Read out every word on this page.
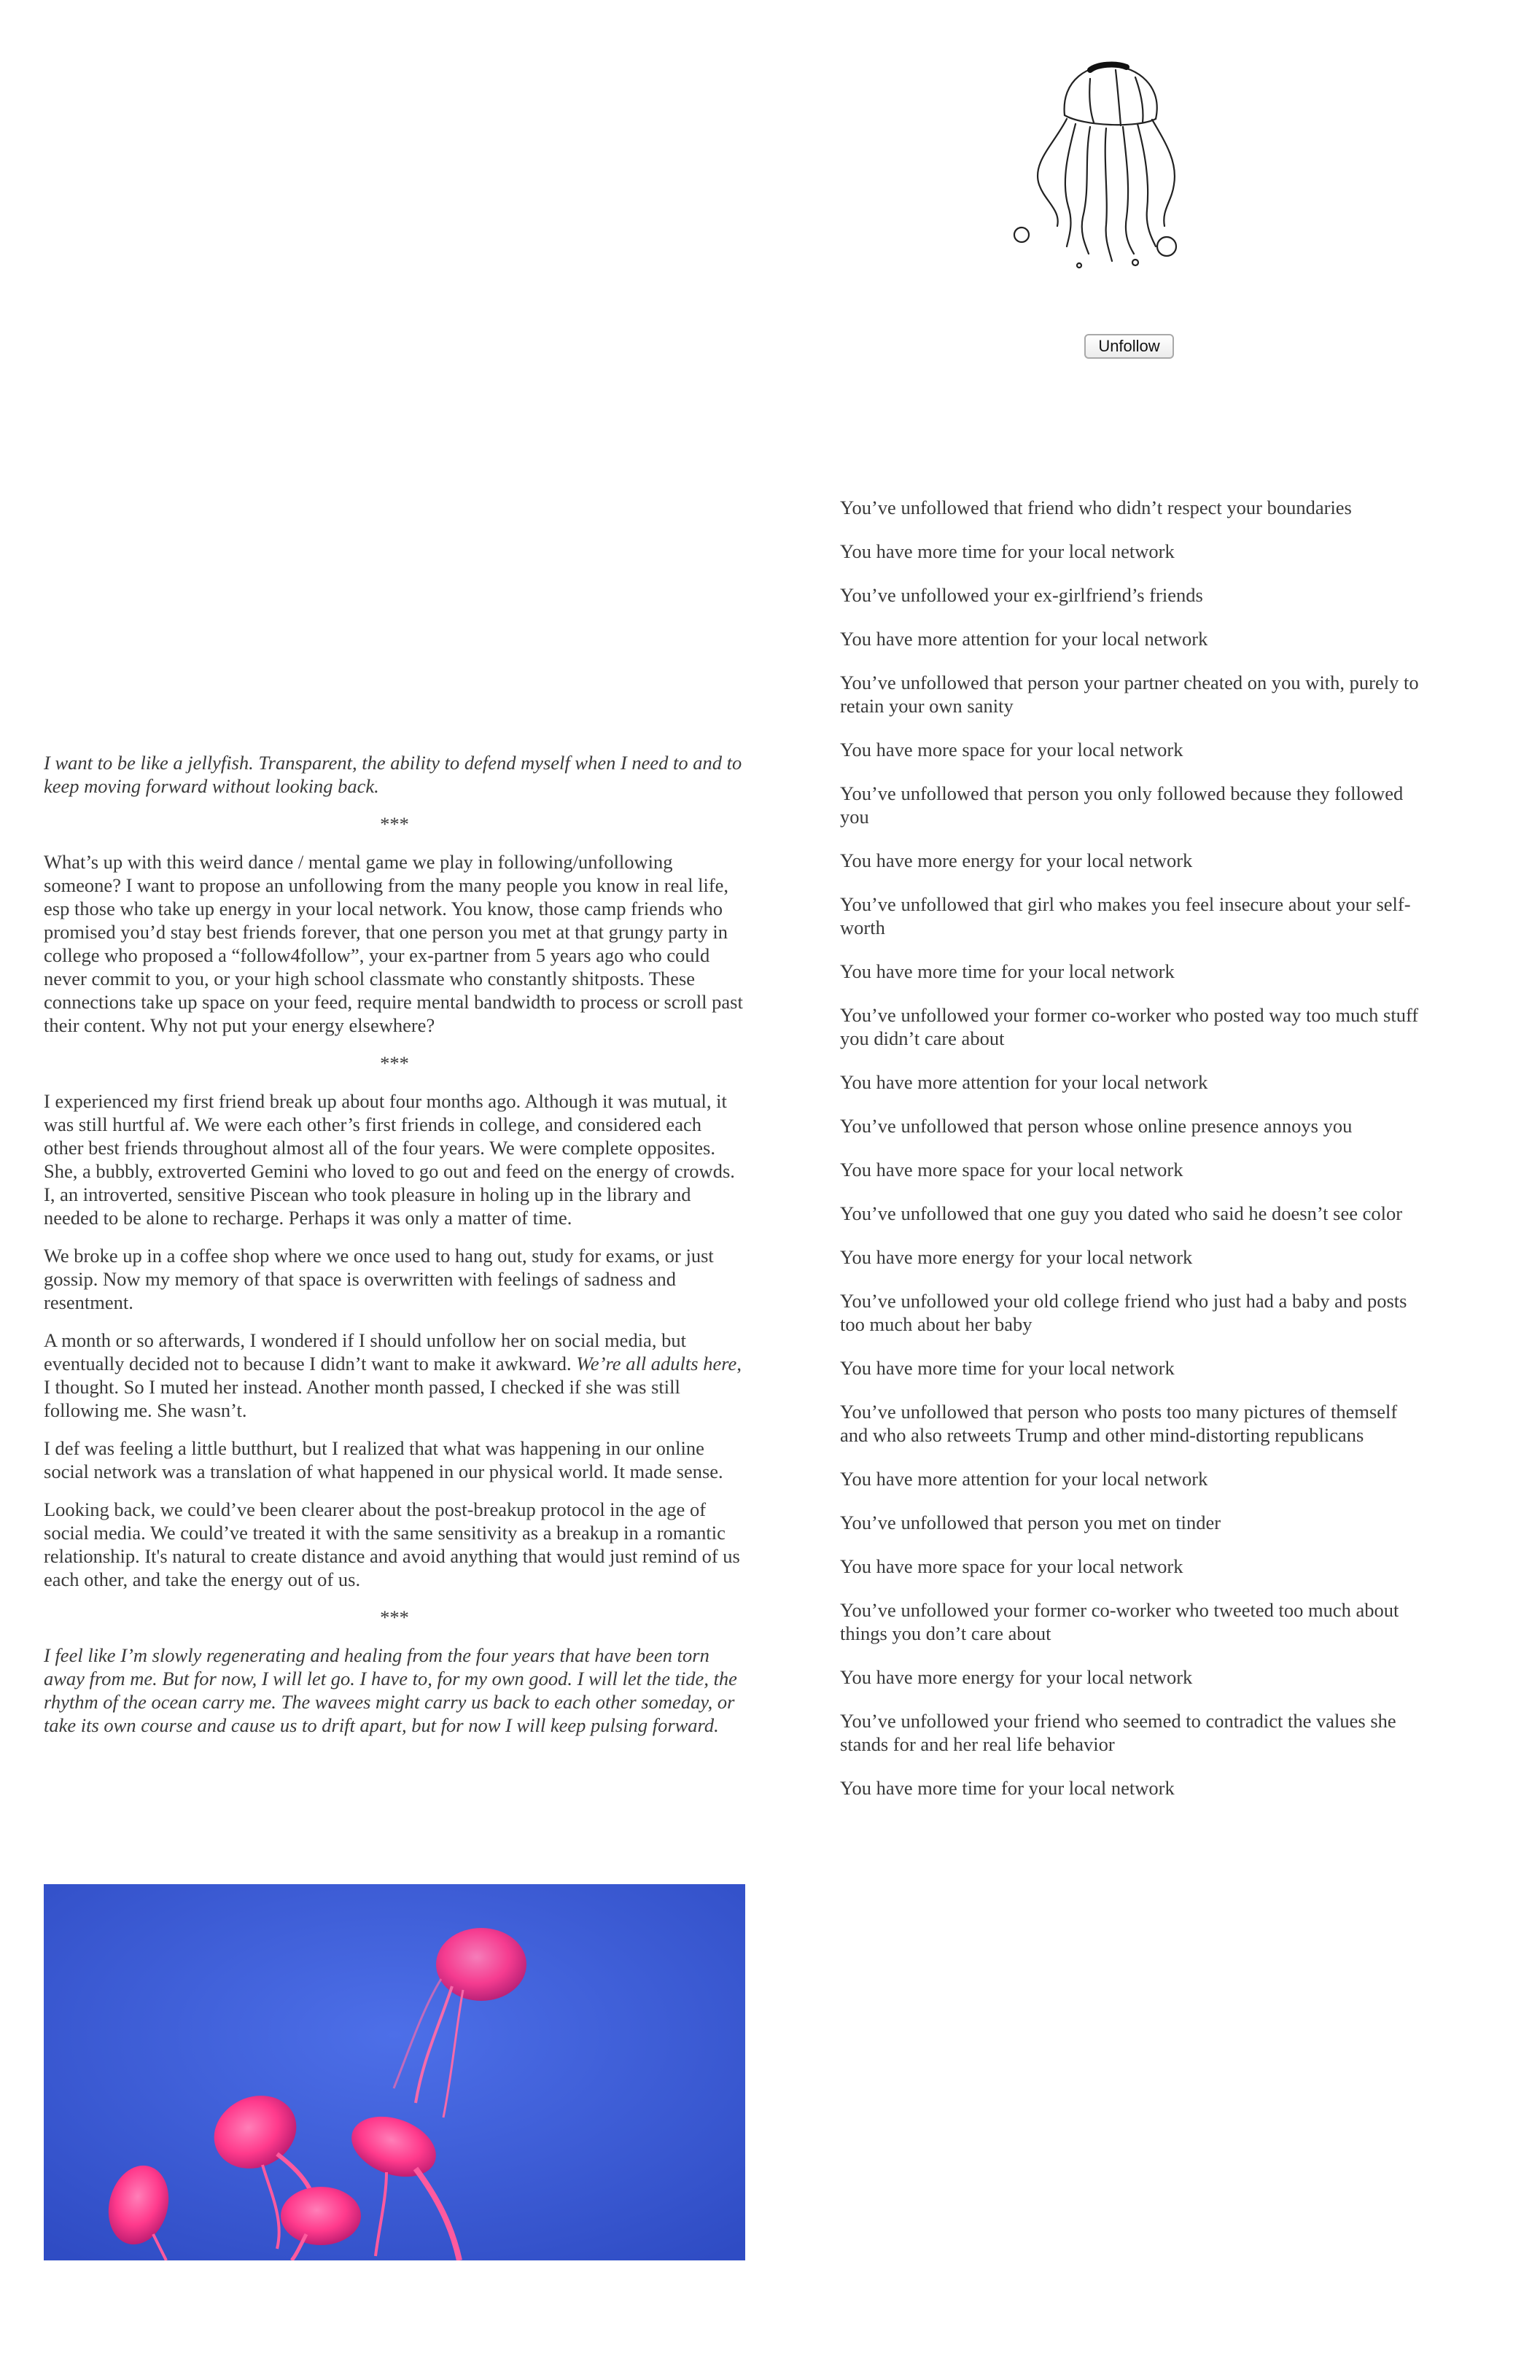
Unfollow

I want to be like a jellyfish. Transparent, the ability to defend myself when I need to and to keep moving forward without looking back.

***

What’s up with this weird dance / mental game we play in following/unfollowing someone? I want to propose an unfollowing from the many people you know in real life, esp those who take up energy in your local network. You know, those camp friends who promised you’d stay best friends forever, that one person you met at that grungy party in college who proposed a “follow4follow”, your ex-partner from 5 years ago who could never commit to you, or your high school classmate who constantly shitposts. These connections take up space on your feed, require mental bandwidth to process or scroll past their content. Why not put your energy elsewhere?

***

I experienced my first friend break up about four months ago. Although it was mutual, it was still hurtful af. We were each other’s first friends in college, and considered each other best friends throughout almost all of the four years. We were complete opposites. She, a bubbly, extroverted Gemini who loved to go out and feed on the energy of crowds. I, an introverted, sensitive Piscean who took pleasure in holing up in the library and needed to be alone to recharge. Perhaps it was only a matter of time.

We broke up in a coffee shop where we once used to hang out, study for exams, or just gossip. Now my memory of that space is overwritten with feelings of sadness and resentment.

A month or so afterwards, I wondered if I should unfollow her on social media, but eventually decided not to because I didn’t want to make it awkward. We’re all adults here, I thought. So I muted her instead. Another month passed, I checked if she was still following me. She wasn’t.

I def was feeling a little butthurt, but I realized that what was happening in our online social network was a translation of what happened in our physical world. It made sense.

Looking back, we could’ve been clearer about the post-breakup protocol in the age of social media. We could’ve treated it with the same sensitivity as a breakup in a romantic relationship. It's natural to create distance and avoid anything that would just remind of us each other, and take the energy out of us.

***

I feel like I’m slowly regenerating and healing from the four years that have been torn away from me. But for now, I will let go. I have to, for my own good. I will let the tide, the rhythm of the ocean carry me. The wavees might carry us back to each other someday, or take its own course and cause us to drift apart, but for now I will keep pulsing forward.

You’ve unfollowed that friend who didn’t respect your boundaries
You have more time for your local network
You’ve unfollowed your ex-girlfriend’s friends
You have more attention for your local network
You’ve unfollowed that person your partner cheated on you with, purely to retain your own sanity
You have more space for your local network
You’ve unfollowed that person you only followed because they followed you
You have more energy for your local network
You’ve unfollowed that girl who makes you feel insecure about your self-worth
You have more time for your local network
You’ve unfollowed your former co-worker who posted way too much stuff you didn’t care about
You have more attention for your local network
You’ve unfollowed that person whose online presence annoys you
You have more space for your local network
You’ve unfollowed that one guy you dated who said he doesn’t see color
You have more energy for your local network
You’ve unfollowed your old college friend who just had a baby and posts too much about her baby
You have more time for your local network
You’ve unfollowed that person who posts too many pictures of themself and who also retweets Trump and other mind-distorting republicans
You have more attention for your local network
You’ve unfollowed that person you met on tinder
You have more space for your local network
You’ve unfollowed your former co-worker who tweeted too much about things you don’t care about
You have more energy for your local network
You’ve unfollowed your friend who seemed to contradict the values she stands for and her real life behavior
You have more time for your local network
